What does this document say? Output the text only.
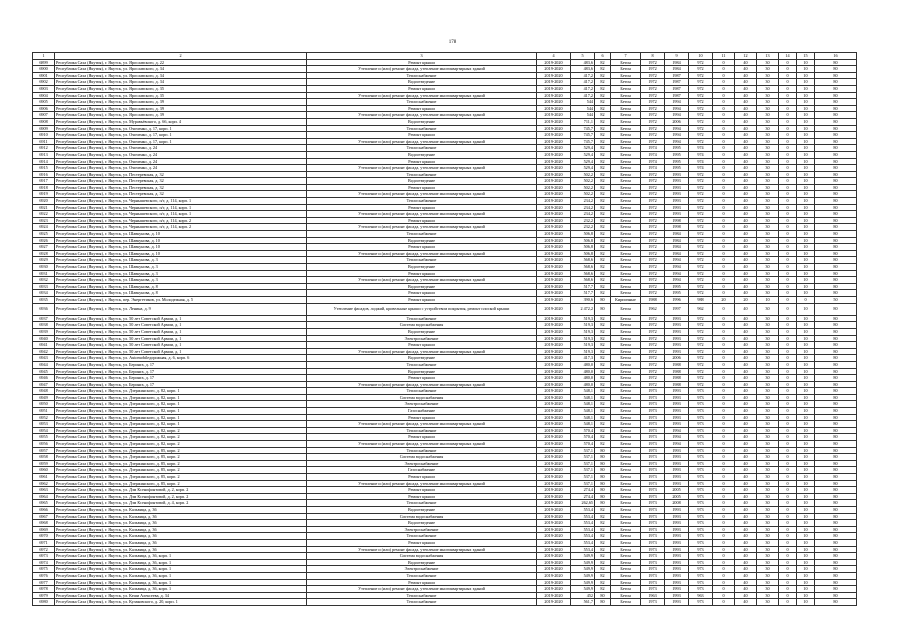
178
1	2	3	4	5	6	7	8	9	10	11	12	13	14	15	16
6899	Республика Саха (Якутия), г. Якутск, ул. Ярославского, д. 22	Ремонт крыши	2019-2020	483,6	82	Бетон	1972	1984	972	0	40	30	0	10	80
6900	Республика Саха (Якутия), г. Якутск, ул. Ярославского, д. 34	Утепление и (или) ремонт фасада, утепление многоквартирных зданий	2019-2020	483,6	82	Бетон	1972	1984	972	0	40	30	0	10	80
6901	Республика Саха (Якутия), г. Якутск, ул. Ярославского, д. 34	Теплоснабжение	2019-2020	417,2	82	Бетон	1972	1987	972	0	40	30	0	10	80
6902	Республика Саха (Якутия), г. Якутск, ул. Ярославского, д. 34	Водоотведение	2019-2020	417,2	82	Бетон	1972	1987	972	0	40	30	0	10	80
6903	Республика Саха (Якутия), г. Якутск, ул. Ярославского, д. 35	Ремонт крыши	2019-2020	417,2	82	Бетон	1972	1987	972	0	40	30	0	10	80
6904	Республика Саха (Якутия), г. Якутск, ул. Ярославского, д. 35	Утепление и (или) ремонт фасада, утепление многоквартирных зданий	2019-2020	417,2	82	Бетон	1972	1987	972	0	40	30	0	10	80
6905	Республика Саха (Якутия), г. Якутск, ул. Ярославского, д. 39	Теплоснабжение	2019-2020	544	82	Бетон	1972	1994	972	0	40	30	0	10	80
6906	Республика Саха (Якутия), г. Якутск, ул. Ярославского, д. 39	Ремонт крыши	2019-2020	544	82	Бетон	1972	1994	972	0	40	30	0	10	80
6907	Республика Саха (Якутия), г. Якутск, ул. Ярославского, д. 39	Утепление и (или) ремонт фасада, утепление многоквартирных зданий	2019-2020	544	82	Бетон	1972	1994	972	0	40	30	0	10	80
6908	Республика Саха (Якутия), г. Якутск, ул. Муравьёвского, д. 66, корп. 4	Водоотведение	2019-2020	711,1	82	Бетон	1972	2006	972	0	40	30	0	10	80
6909	Республика Саха (Якутия), г. Якутск, ул. Очиченко, д. 17, корп. 1	Теплоснабжение	2019-2020	745,7	82	Бетон	1972	1994	972	0	40	30	0	10	80
6910	Республика Саха (Якутия), г. Якутск, ул. Очиченко, д. 17, корп. 1	Ремонт крыши	2019-2020	745,7	82	Бетон	1972	1994	972	0	40	30	0	10	80
6911	Республика Саха (Якутия), г. Якутск, ул. Очиченко, д. 17, корп. 1	Утепление и (или) ремонт фасада, утепление многоквартирных зданий	2019-2020	745,7	82	Бетон	1972	1994	972	0	40	30	0	10	80
6912	Республика Саха (Якутия), г. Якутск, ул. Очиченко, д. 24	Теплоснабжение	2019-2020	529,4	82	Бетон	1974	1995	974	0	40	30	0	10	80
6913	Республика Саха (Якутия), г. Якутск, ул. Очиченко, д. 24	Водоотведение	2019-2020	529,4	82	Бетон	1974	1995	974	0	40	30	0	10	80
6914	Республика Саха (Якутия), г. Якутск, ул. Очиченко, д. 24	Ремонт крыши	2019-2020	529,4	82	Бетон	1974	1995	974	0	40	30	0	10	80
6915	Республика Саха (Якутия), г. Якутск, ул. Очиченко, д. 24	Утепление и (или) ремонт фасада, утепление многоквартирных зданий	2019-2020	529,4	82	Бетон	1974	1995	974	0	40	30	0	10	80
6916	Республика Саха (Якутия), г. Якутск, ул. Пестеревская, д. 32	Теплоснабжение	2019-2020	502,2	82	Бетон	1972	1993	972	0	40	30	0	10	80
6917	Республика Саха (Якутия), г. Якутск, ул. Пестеревская, д. 32	Водоотведение	2019-2020	502,2	82	Бетон	1972	1993	972	0	40	30	0	10	80
6918	Республика Саха (Якутия), г. Якутск, ул. Пестеревская, д. 32	Ремонт крыши	2019-2020	502,2	82	Бетон	1972	1993	972	0	40	30	0	10	80
6919	Республика Саха (Якутия), г. Якутск, ул. Пестеревская, д. 32	Утепление и (или) ремонт фасада, утепление многоквартирных зданий	2019-2020	502,2	82	Бетон	1972	1993	972	0	40	30	0	10	80
6920	Республика Саха (Якутия), г. Якутск, ул. Чернышевского, п/г, д. 114, корп. 1	Теплоснабжение	2019-2020	234,2	82	Бетон	1972	1993	972	0	40	30	0	10	80
6921	Республика Саха (Якутия), г. Якутск, ул. Чернышевского, п/г, д. 114, корп. 1	Ремонт крыши	2019-2020	234,2	82	Бетон	1972	1993	972	0	40	30	0	10	80
6922	Республика Саха (Якутия), г. Якутск, ул. Чернышевского, п/г, д. 114, корп. 1	Утепление и (или) ремонт фасада, утепление многоквартирных зданий	2019-2020	234,2	82	Бетон	1972	1993	972	0	40	30	0	10	80
6923	Республика Саха (Якутия), г. Якутск, ул. Чернышевского, п/г, д. 114, корп. 2	Ремонт крыши	2019-2020	232,2	82	Бетон	1972	1998	972	0	40	30	0	10	80
6924	Республика Саха (Якутия), г. Якутск, ул. Чернышевского, п/г, д. 114, корп. 2	Утепление и (или) ремонт фасада, утепление многоквартирных зданий	2019-2020	232,2	82	Бетон	1972	1998	972	0	40	30	0	10	80
6925	Республика Саха (Якутия), г. Якутск, ул. Шавкунова, д. 10	Теплоснабжение	2019-2020	506,8	82	Бетон	1972	1984	972	0	40	30	0	10	80
6926	Республика Саха (Якутия), г. Якутск, ул. Шавкунова, д. 10	Водоотведение	2019-2020	506,8	82	Бетон	1972	1984	972	0	40	30	0	10	80
6927	Республика Саха (Якутия), г. Якутск, ул. Шавкунова, д. 10	Ремонт крыши	2019-2020	506,8	82	Бетон	1972	1984	972	0	40	30	0	10	80
6928	Республика Саха (Якутия), г. Якутск, ул. Шавкунова, д. 10	Утепление и (или) ремонт фасада, утепление многоквартирных зданий	2019-2020	506,8	82	Бетон	1972	1984	972	0	40	30	0	10	80
6929	Республика Саха (Якутия), г. Якутск, ул. Шавкунова, д. 3	Теплоснабжение	2019-2020	568,6	82	Бетон	1972	1994	972	0	40	30	0	10	80
6930	Республика Саха (Якутия), г. Якутск, ул. Шавкунова, д. 3	Водоотведение	2019-2020	568,6	82	Бетон	1972	1994	972	0	40	30	0	10	80
6931	Республика Саха (Якутия), г. Якутск, ул. Шавкунова, д. 3	Ремонт крыши	2019-2020	568,6	82	Бетон	1972	1994	972	0	40	30	0	10	80
6932	Республика Саха (Якутия), г. Якутск, ул. Шавкунова, д. 3	Утепление и (или) ремонт фасада, утепление многоквартирных зданий	2019-2020	568,6	82	Бетон	1972	1994	972	0	40	30	0	10	80
6933	Республика Саха (Якутия), г. Якутск, ул. Шавкунова, д. 8	Водоотведение	2019-2020	517,7	82	Бетон	1972	1995	972	0	40	30	0	10	80
6934	Республика Саха (Якутия), г. Якутск, ул. Шавкунова, д. 8	Ремонт крыши	2019-2020	517,7	82	Бетон	1972	1995	972	0	40	30	0	10	80
6935	Республика Саха (Якутия), г. Якутск, пер. Энергетиков, ул. Молодежная, д. 5	Ремонт крыши	2019-2020	390,6	80	Кирпичные	1988	1996	988	20	20	10	0	0	50
6936	Республика Саха (Якутия), г. Якутск, ул. Ленина, д. 9	Утепление фасадов, лоджий, кровельные крыши с устройством покрытия, ремонт плоской крыши	2019-2020	2 472,2	80	Бетон	1962	1997	962	0	40	30	0	10	80
6937	Республика Саха (Якутия), г. Якутск, ул. 50 лет Советской Армии, д. 1	Теплоснабжение	2019-2020	519,3	82	Бетон	1972	1993	972	0	40	30	0	10	80
6938	Республика Саха (Якутия), г. Якутск, ул. 50 лет Советской Армии, д. 1	Система водоснабжения	2019-2020	519,3	82	Бетон	1972	1993	972	0	40	30	0	10	80
6939	Республика Саха (Якутия), г. Якутск, ул. 50 лет Советской Армии, д. 1	Водоотведение	2019-2020	519,3	82	Бетон	1972	1993	972	0	40	30	0	10	80
6940	Республика Саха (Якутия), г. Якутск, ул. 50 лет Советской Армии, д. 1	Электроснабжение	2019-2020	519,3	82	Бетон	1972	1993	972	0	40	30	0	10	80
6941	Республика Саха (Якутия), г. Якутск, ул. 50 лет Советской Армии, д. 1	Ремонт крыши	2019-2020	519,3	82	Бетон	1972	1993	972	0	40	30	0	10	80
6942	Республика Саха (Якутия), г. Якутск, ул. 50 лет Советской Армии, д. 1	Утепление и (или) ремонт фасада, утепление многоквартирных зданий	2019-2020	519,3	82	Бетон	1972	1993	972	0	40	30	0	10	80
6943	Республика Саха (Якутия), г. Якутск, ул. Automobileдорожная, д. 6, корп. 6	Водоотведение	2019-2020	417,3	82	Бетон	1972	2006	972	0	40	30	0	10	80
6944	Республика Саха (Якутия), г. Якутск, ул. Беринга, д. 17	Теплоснабжение	2019-2020	480,0	82	Бетон	1972	1988	972	0	40	30	0	10	80
6945	Республика Саха (Якутия), г. Якутск, ул. Беринга, д. 17	Водоотведение	2019-2020	480,0	82	Бетон	1972	1988	972	0	40	30	0	10	80
6946	Республика Саха (Якутия), г. Якутск, ул. Беринга, д. 17	Ремонт крыши	2019-2020	480,0	82	Бетон	1972	1988	972	0	40	30	0	10	80
6947	Республика Саха (Якутия), г. Якутск, ул. Беринга, д. 17	Утепление и (или) ремонт фасада, утепление многоквартирных зданий	2019-2020	480,0	82	Бетон	1972	1988	972	0	40	30	0	10	80
6948	Республика Саха (Якутия), г. Якутск, ул. Дзержинского, д. 82, корп. 1	Теплоснабжение	2019-2020	548,1	82	Бетон	1973	1993	973	0	40	30	0	10	80
6949	Республика Саха (Якутия), г. Якутск, ул. Дзержинского, д. 82, корп. 1	Система водоснабжения	2019-2020	548,1	82	Бетон	1973	1993	973	0	40	30	0	10	80
6950	Республика Саха (Якутия), г. Якутск, ул. Дзержинского, д. 82, корп. 1	Электроснабжение	2019-2020	548,1	82	Бетон	1973	1993	973	0	40	30	0	10	80
6951	Республика Саха (Якутия), г. Якутск, ул. Дзержинского, д. 82, корп. 1	Газоснабжение	2019-2020	548,1	82	Бетон	1973	1993	973	0	40	30	0	10	80
6952	Республика Саха (Якутия), г. Якутск, ул. Дзержинского, д. 82, корп. 1	Ремонт крыши	2019-2020	548,1	82	Бетон	1973	1993	973	0	40	30	0	10	80
6953	Республика Саха (Якутия), г. Якутск, ул. Дзержинского, д. 82, корп. 1	Утепление и (или) ремонт фасада, утепление многоквартирных зданий	2019-2020	548,1	82	Бетон	1973	1993	973	0	40	30	0	10	80
6954	Республика Саха (Якутия), г. Якутск, ул. Дзержинского, д. 82, корп. 2	Теплоснабжение	2019-2020	570,4	82	Бетон	1973	1994	973	0	40	30	0	10	80
6955	Республика Саха (Якутия), г. Якутск, ул. Дзержинского, д. 82, корп. 2	Ремонт крыши	2019-2020	570,4	82	Бетон	1973	1994	973	0	40	30	0	10	80
6956	Республика Саха (Якутия), г. Якутск, ул. Дзержинского, д. 82, корп. 2	Утепление и (или) ремонт фасада, утепление многоквартирных зданий	2019-2020	570,4	82	Бетон	1973	1994	973	0	40	30	0	10	80
6957	Республика Саха (Якутия), г. Якутск, ул. Дзержинского, д. 85, корп. 2	Теплоснабжение	2019-2020	537,1	80	Бетон	1973	1993	973	0	40	30	0	10	80
6958	Республика Саха (Якутия), г. Якутск, ул. Дзержинского, д. 85, корп. 2	Система водоснабжения	2019-2020	537,1	80	Бетон	1973	1993	973	0	40	30	0	10	80
6959	Республика Саха (Якутия), г. Якутск, ул. Дзержинского, д. 85, корп. 2	Электроснабжение	2019-2020	537,1	80	Бетон	1973	1993	973	0	40	30	0	10	80
6960	Республика Саха (Якутия), г. Якутск, ул. Дзержинского, д. 85, корп. 2	Газоснабжение	2019-2020	537,1	80	Бетон	1973	1993	973	0	40	30	0	10	80
6961	Республика Саха (Якутия), г. Якутск, ул. Дзержинского, д. 85, корп. 2	Ремонт крыши	2019-2020	537,1	80	Бетон	1973	1993	973	0	40	30	0	10	80
6962	Республика Саха (Якутия), г. Якутск, ул. Дзержинского, д. 85, корп. 2	Утепление и (или) ремонт фасада, утепление многоквартирных зданий	2019-2020	537,1	80	Бетон	1973	1993	973	0	40	30	0	10	80
6963	Республика Саха (Якутия), г. Якутск, ул. Дзм Ксенофонтовой, д. 2, корп. 2	Ремонт крыши	2019-2020	274,4	80	Бетон	1973	2005	973	0	40	30	0	10	80
6964	Республика Саха (Якутия), г. Якутск, ул. Дзм Ксенофонтовой, д. 2, корп. 2	Ремонт крыши	2019-2020	274,4	80	Бетон	1973	2005	973	0	40	30	0	10	80
6965	Республика Саха (Якутия), г. Якутск, ул. Дзм Ксенофонтовой, д. 4, корп. 2	Теплоснабжение	2019-2020	262,65	80	Бетон	1973	2008	973	0	40	30	0	10	80
6966	Республика Саха (Якутия), г. Якутск, ул. Кальвица, д. 36	Водоотведение	2019-2020	553,4	82	Бетон	1973	1993	973	0	40	30	0	10	80
6967	Республика Саха (Якутия), г. Якутск, ул. Кальвица, д. 36	Система водоснабжения	2019-2020	553,4	82	Бетон	1973	1993	973	0	40	30	0	10	80
6968	Республика Саха (Якутия), г. Якутск, ул. Кальвица, д. 36	Водоотведение	2019-2020	553,4	82	Бетон	1973	1993	973	0	40	30	0	10	80
6969	Республика Саха (Якутия), г. Якутск, ул. Кальвица, д. 36	Электроснабжение	2019-2020	553,4	82	Бетон	1973	1993	973	0	40	30	0	10	80
6970	Республика Саха (Якутия), г. Якутск, ул. Кальвица, д. 36	Теплоснабжение	2019-2020	553,4	82	Бетон	1973	1993	973	0	40	30	0	10	80
6971	Республика Саха (Якутия), г. Якутск, ул. Кальвица, д. 36	Ремонт крыши	2019-2020	553,4	82	Бетон	1973	1993	973	0	40	30	0	10	80
6972	Республика Саха (Якутия), г. Якутск, ул. Кальвица, д. 36	Утепление и (или) ремонт фасада, утепление многоквартирных зданий	2019-2020	553,4	82	Бетон	1973	1993	973	0	40	30	0	10	80
6973	Республика Саха (Якутия), г. Якутск, ул. Кальвица, д. 36, корп. 1	Система водоснабжения	2019-2020	549,9	82	Бетон	1973	1993	973	0	40	30	0	10	80
6974	Республика Саха (Якутия), г. Якутск, ул. Кальвица, д. 36, корп. 1	Водоотведение	2019-2020	549,9	82	Бетон	1973	1993	973	0	40	30	0	10	80
6975	Республика Саха (Якутия), г. Якутск, ул. Кальвица, д. 36, корп. 1	Электроснабжение	2019-2020	549,9	82	Бетон	1973	1993	973	0	40	30	0	10	80
6976	Республика Саха (Якутия), г. Якутск, ул. Кальвица, д. 36, корп. 1	Теплоснабжение	2019-2020	549,9	82	Бетон	1973	1993	973	0	40	30	0	10	80
6977	Республика Саха (Якутия), г. Якутск, ул. Кальвица, д. 36, корп. 1	Ремонт крыши	2019-2020	549,9	82	Бетон	1973	1993	973	0	40	30	0	10	80
6978	Республика Саха (Якутия), г. Якутск, ул. Кальвица, д. 36, корп. 1	Утепление и (или) ремонт фасада, утепление многоквартирных зданий	2019-2020	549,9	82	Бетон	1973	1993	973	0	40	30	0	10	80
6979	Республика Саха (Якутия), г. Якутск, ул. Кеши Алексеева, д. 34	Теплоснабжение	2019-2020	452	80	Бетон	1963	1993	963	0	40	30	0	10	80
6980	Республика Саха (Якутия), г. Якутск, ул. Кулаковского, д. 20, корп. 1	Теплоснабжение	2019-2020	561,7	80	Бетон	1973	1993	973	0	40	30	0	10	80
